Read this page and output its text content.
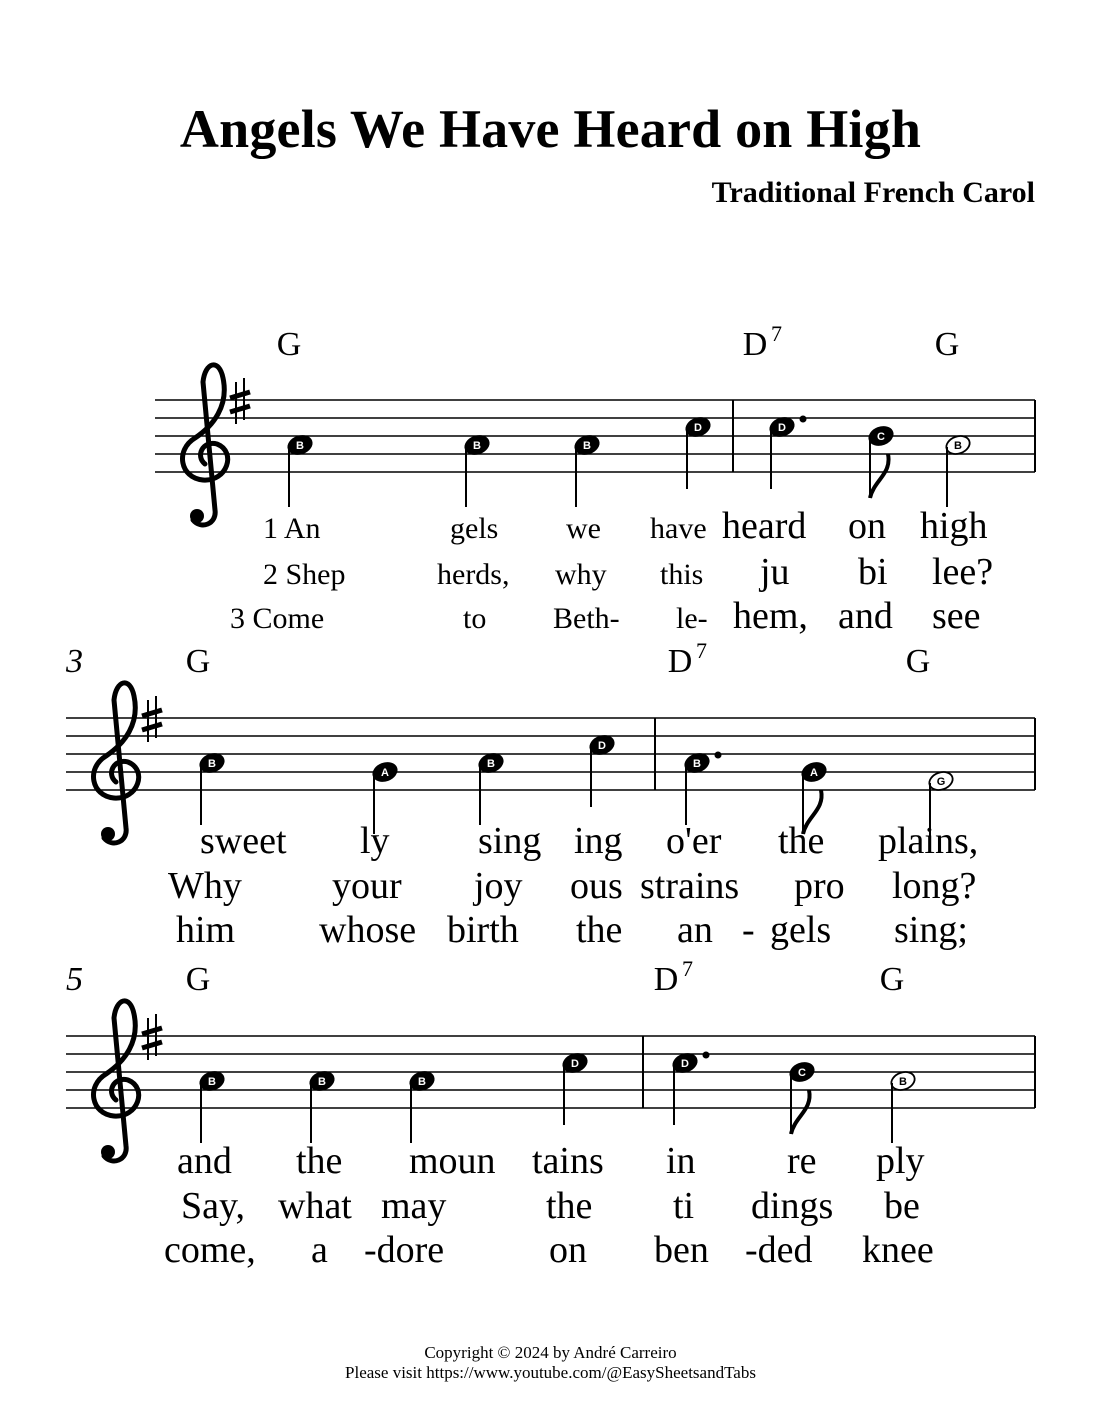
Angels We Have Heard on High
Traditional French Carol
G	D 7	G
B	B	B
D	D
C
B
1 An	gels we have heard on high
2 Shep	herds, why this ju bi lee?
3 Come	to Beth- le- hem, and see
3	G	D 7	G
B
A
B
D
B
A
G
sweet ly sing ing o'er the plains,
Why your joy ous strains pro long?
him whose birth the an - gels sing;
5	G	D 7	G
B	B	B
D	D
C
B
and the moun tains in re ply
Say, what may	the ti dings be
come, a -dore	on ben -ded knee
Copyright © 2024 by André Carreiro
Please visit https://www.youtube.com/@EasySheetsandTabs
